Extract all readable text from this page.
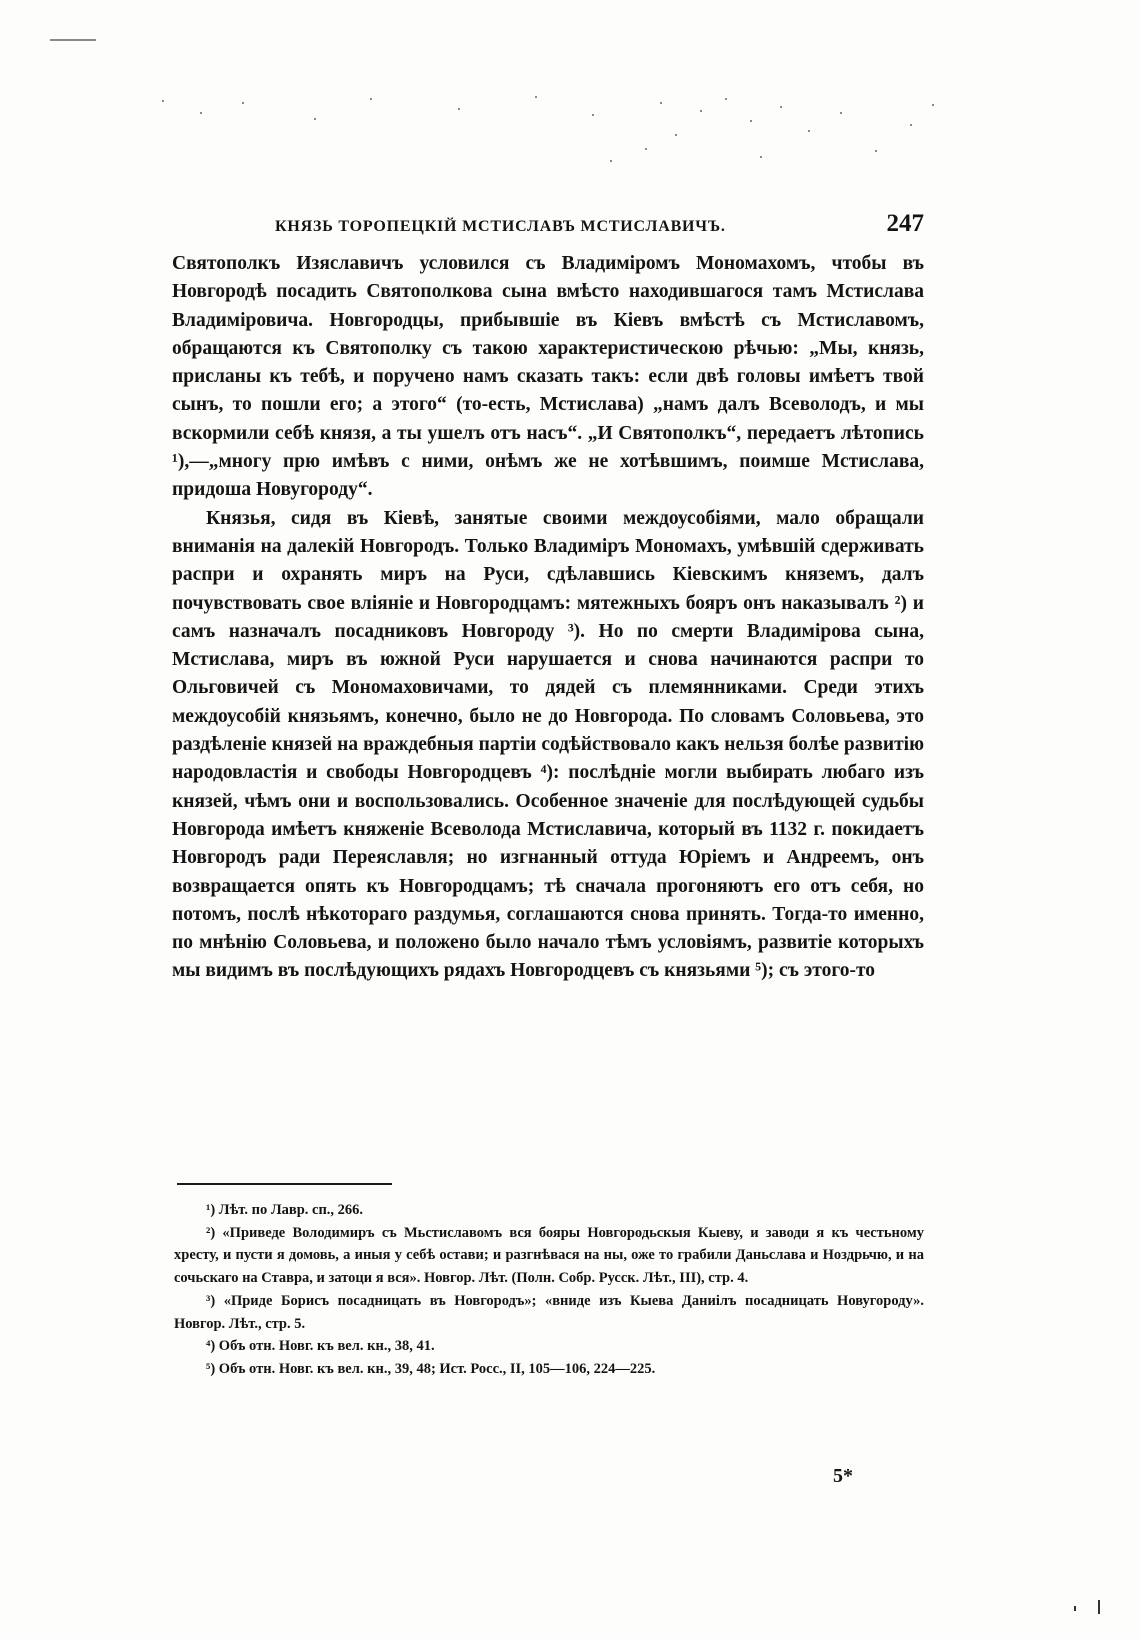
КНЯЗЬ ТОРОПЕЦКІЙ МСТИСЛАВЪ МСТИСЛАВИЧЪ.	247

Святополкъ Изяславичъ условился съ Владиміромъ Мономахомъ, чтобы въ Новгородѣ посадить Святополкова сына вмѣсто находившагося тамъ Мстислава Владиміровича. Новгородцы, прибывшіе въ Кіевъ вмѣстѣ съ Мстиславомъ, обращаются къ Святополку съ такою характеристическою рѣчью: „Мы, князь, присланы къ тебѣ, и поручено намъ сказать такъ: если двѣ головы имѣетъ твой сынъ, то пошли его; а этого“ (то-есть, Мстислава) „намъ далъ Всеволодъ, и мы вскормили себѣ князя, а ты ушелъ отъ насъ“. „И Святополкъ“, передаетъ лѣтопись ¹),—„многу прю имѣвъ с ними, онѣмъ же не хотѣвшимъ, поимше Мстислава, придоша Новугороду“.

Князья, сидя въ Кіевѣ, занятые своими междоусобіями, мало обращали вниманія на далекій Новгородъ. Только Владиміръ Мономахъ, умѣвшій сдерживать распри и охранять миръ на Руси, сдѣлавшись Кіевскимъ княземъ, далъ почувствовать свое вліяніе и Новгородцамъ: мятежныхъ бояръ онъ наказывалъ ²) и самъ назначалъ посадниковъ Новгороду ³). Но по смерти Владимірова сына, Мстислава, миръ въ южной Руси нарушается и снова начинаются распри то Ольговичей съ Мономаховичами, то дядей съ племянниками. Среди этихъ междоусобій князьямъ, конечно, было не до Новгорода. По словамъ Соловьева, это раздѣленіе князей на враждебныя партіи содѣйствовало какъ нельзя болѣе развитію народовластія и свободы Новгородцевъ ⁴): послѣдніе могли выбирать любаго изъ князей, чѣмъ они и воспользовались. Особенное значеніе для послѣдующей судьбы Новгорода имѣетъ княженіе Всеволода Мстиславича, который въ 1132 г. покидаетъ Новгородъ ради Переяславля; но изгнанный оттуда Юріемъ и Андреемъ, онъ возвращается опять къ Новгородцамъ; тѣ сначала прогоняютъ его отъ себя, но потомъ, послѣ нѣкотораго раздумья, соглашаются снова принять. Тогда-то именно, по мнѣнію Соловьева, и положено было начало тѣмъ условіямъ, развитіе которыхъ мы видимъ въ послѣдующихъ рядахъ Новгородцевъ съ князьями ⁵); съ этого-то

¹) Лѣт. по Лавр. сп., 266.

²) «Приведе Володимиръ съ Мьстиславомъ вся бояры Новгородьскыя Кыеву, и заводи я къ честьному хресту, и пусти я домовь, а иныя у себѣ остави; и разгнѣвася на ны, оже то грабили Даньслава и Ноздрьчю, и на сочьскаго на Ставра, и затоци я вся». Новгор. Лѣт. (Полн. Собр. Русск. Лѣт., III), стр. 4.

³) «Приде Борисъ посадницать въ Новгородъ»; «вниде изъ Кыева Даниілъ посадницать Новугороду». Новгор. Лѣт., стр. 5.

⁴) Объ отн. Новг. къ вел. кн., 38, 41.

⁵) Объ отн. Новг. къ вел. кн., 39, 48; Ист. Росс., II, 105—106, 224—225.

5*
